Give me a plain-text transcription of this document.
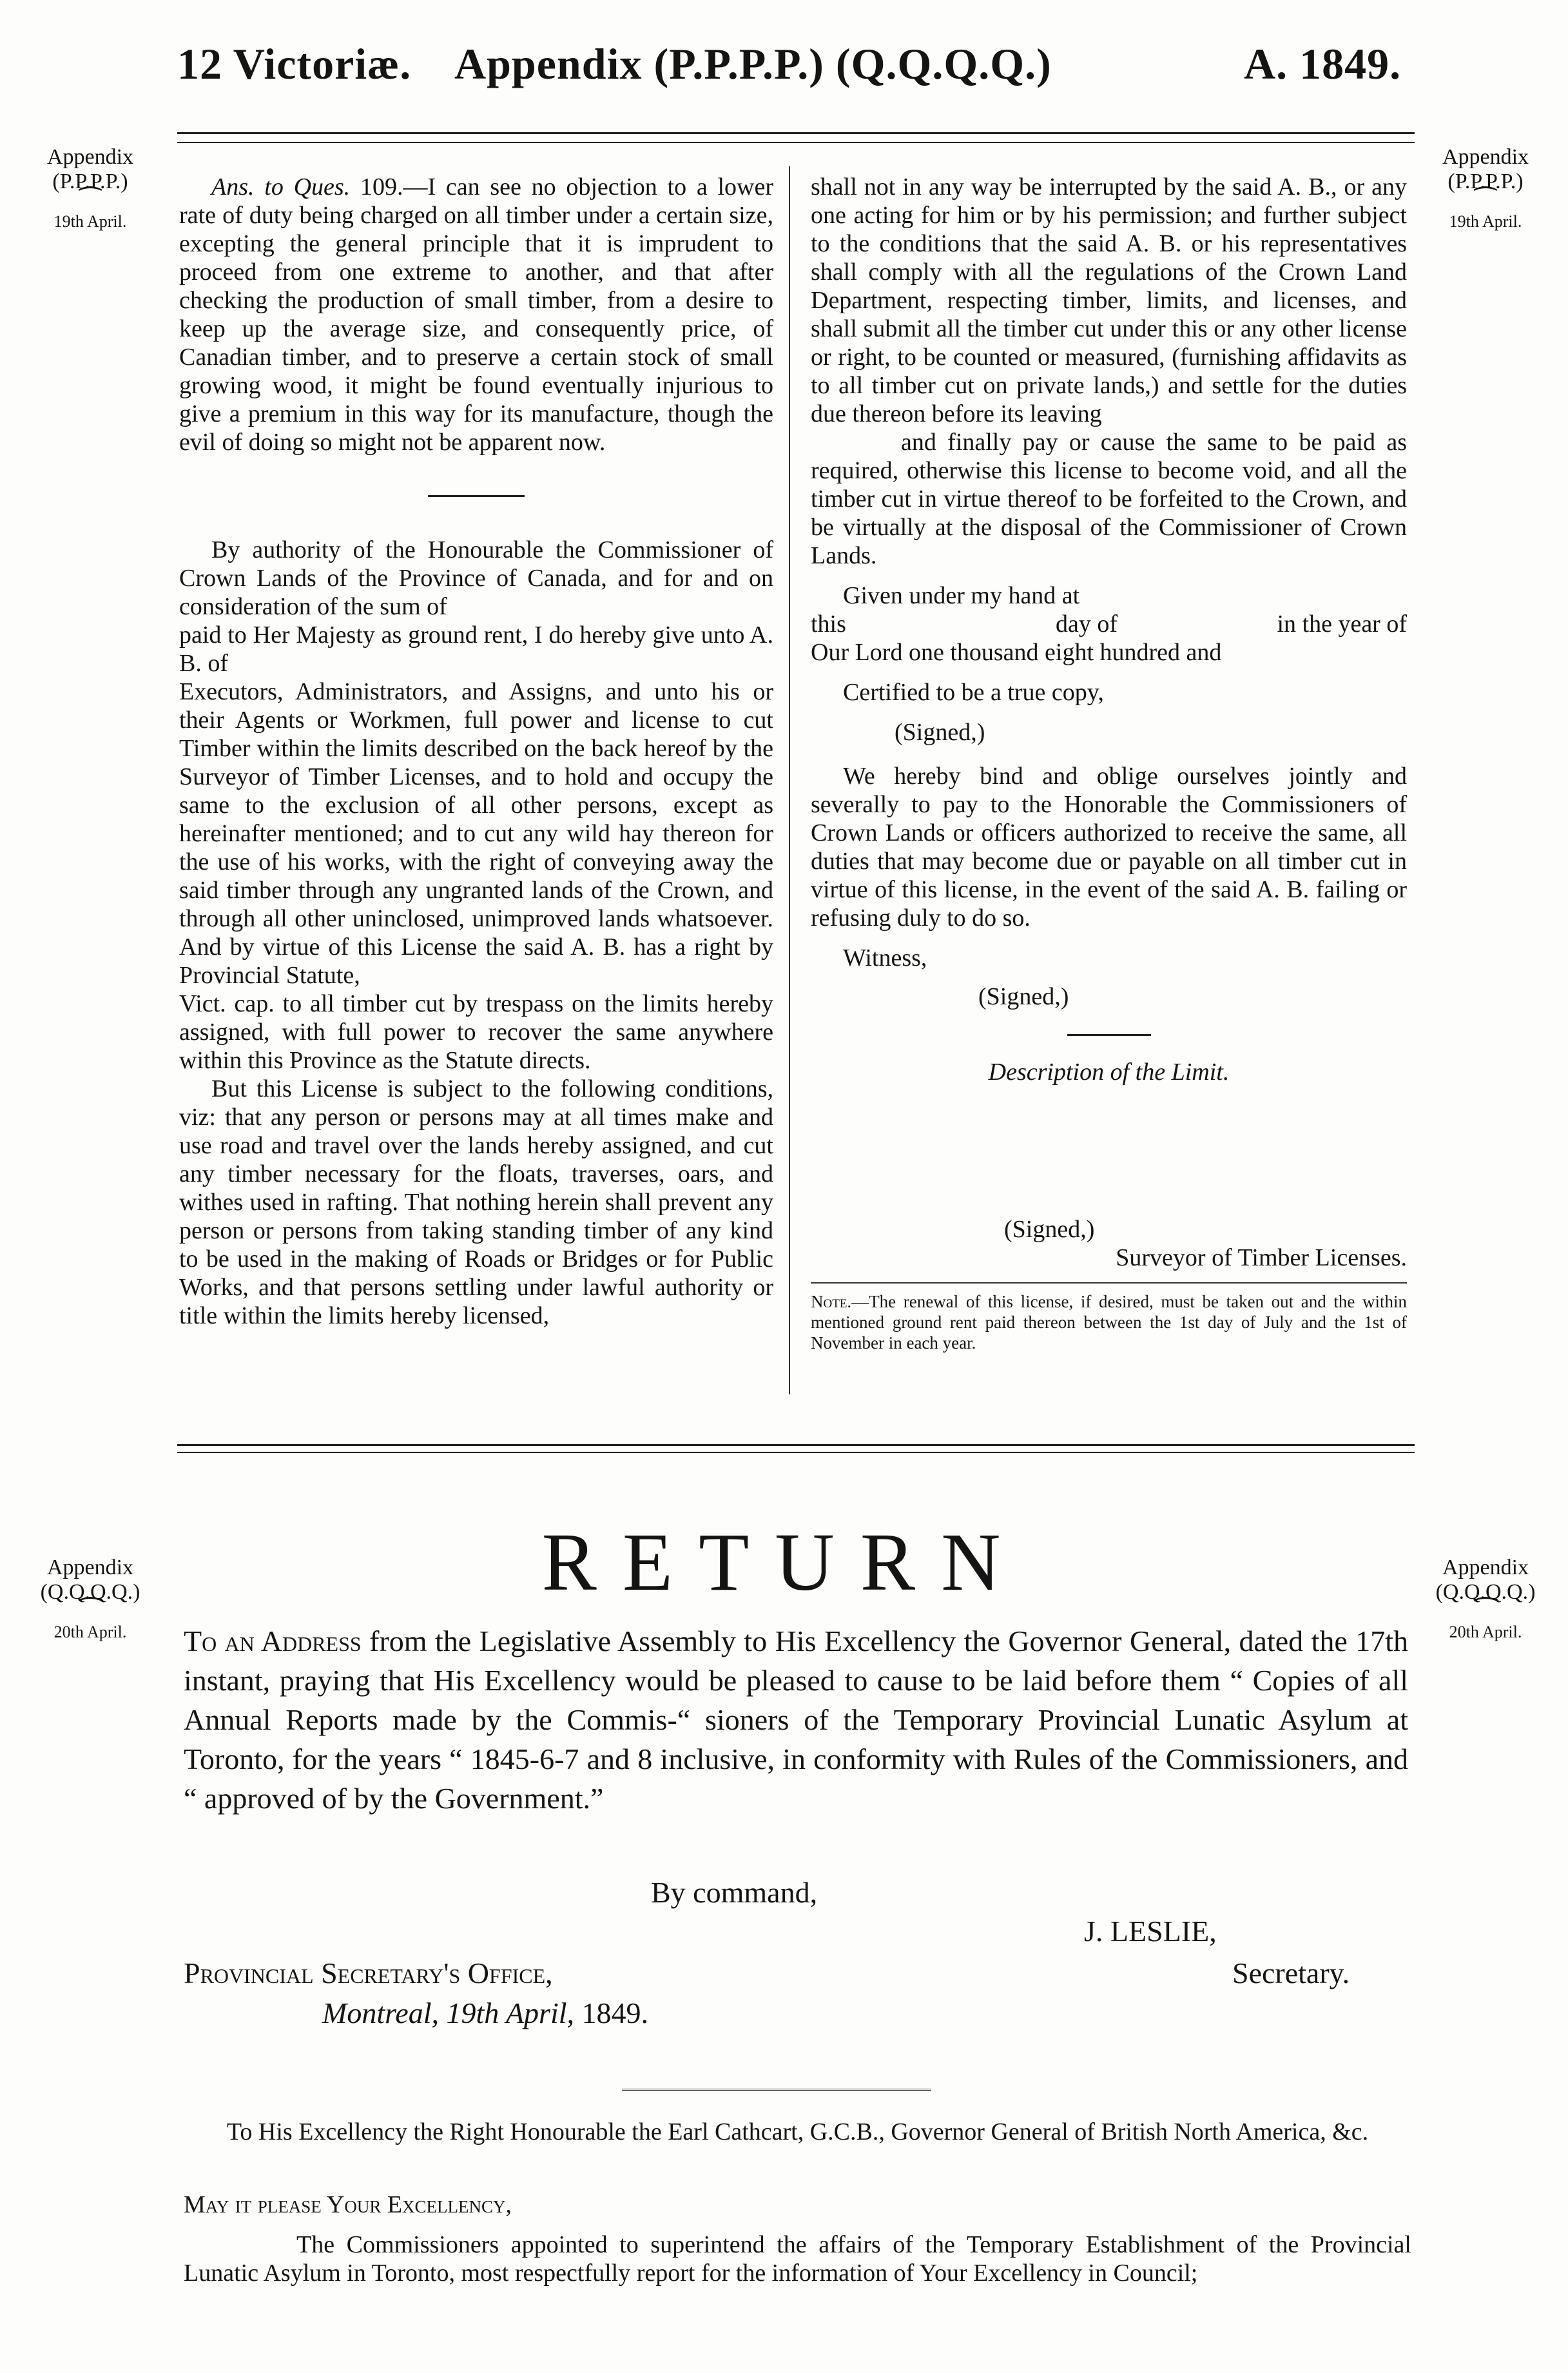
12 Victoriæ. Appendix (P.P.P.P.) (Q.Q.Q.Q.)	A. 1849.
Appendix
(P.P.P.P.)
⁀
19th April.
Appendix
(P.P.P.P.)
⁀
19th April.

Ans. to Ques. 109.—I can see no objection to a lower rate of duty being charged on all timber under a certain size, excepting the general principle that it is imprudent to proceed from one extreme to another, and that after checking the production of small timber, from a desire to keep up the average size, and consequently price, of Canadian timber, and to preserve a certain stock of small growing wood, it might be found eventually injurious to give a premium in this way for its manufacture, though the evil of doing so might not be apparent now.

By authority of the Honourable the Commissioner of Crown Lands of the Province of Canada, and for and on consideration of the sum of

paid to Her Majesty as ground rent, I do hereby give unto A. B. of

Executors, Administrators, and Assigns, and unto his or their Agents or Workmen, full power and license to cut Timber within the limits described on the back hereof by the Surveyor of Timber Licenses, and to hold and occupy the same to the exclusion of all other persons, except as hereinafter mentioned; and to cut any wild hay thereon for the use of his works, with the right of conveying away the said timber through any ungranted lands of the Crown, and through all other uninclosed, unimproved lands whatsoever. And by virtue of this License the said A. B. has a right by Provincial Statute,

Vict. cap. to all timber cut by trespass on the limits hereby assigned, with full power to recover the same anywhere within this Province as the Statute directs.

But this License is subject to the following conditions, viz: that any person or persons may at all times make and use road and travel over the lands hereby assigned, and cut any timber necessary for the floats, traverses, oars, and withes used in rafting. That nothing herein shall prevent any person or persons from taking standing timber of any kind to be used in the making of Roads or Bridges or for Public Works, and that persons settling under lawful authority or title within the limits hereby licensed,

shall not in any way be interrupted by the said A. B., or any one acting for him or by his permission; and further subject to the conditions that the said A. B. or his representatives shall comply with all the regulations of the Crown Land Department, respecting timber, limits, and licenses, and shall submit all the timber cut under this or any other license or right, to be counted or measured, (furnishing affidavits as to all timber cut on private lands,) and settle for the duties due thereon before its leaving

and finally pay or cause the same to be paid as required, otherwise this license to become void, and all the timber cut in virtue thereof to be forfeited to the Crown, and be virtually at the disposal of the Commissioner of Crown Lands.

Given under my hand at

this	day of	in the year of

Our Lord one thousand eight hundred and

Certified to be a true copy,

(Signed,)

We hereby bind and oblige ourselves jointly and severally to pay to the Honorable the Commissioners of Crown Lands or officers authorized to receive the same, all duties that may become due or payable on all timber cut in virtue of this license, in the event of the said A. B. failing or refusing duly to do so.

Witness,

(Signed,)

Description of the Limit.

(Signed,)

Surveyor of Timber Licenses.

Note.—The renewal of this license, if desired, must be taken out and the within mentioned ground rent paid thereon between the 1st day of July and the 1st of November in each year.
Appendix
(Q.Q.Q.Q.)
⁀
20th April.
Appendix
(Q.Q.Q.Q.)
⁀
20th April.
RETURN
To an Address from the Legislative Assembly to His Excellency the Governor General, dated the 17th instant, praying that His Excellency would be pleased to cause to be laid before them “ Copies of all Annual Reports made by the Commis-“ sioners of the Temporary Provincial Lunatic Asylum at Toronto, for the years “ 1845-6-7 and 8 inclusive, in conformity with Rules of the Commissioners, and “ approved of by the Government.”
By command,
J. LESLIE,
Provincial Secretary's Office,	Secretary.
Montreal, 19th April, 1849.
To His Excellency the Right Honourable the Earl Cathcart, G.C.B., Governor General of British North America, &c.
May it please Your Excellency,
The Commissioners appointed to superintend the affairs of the Temporary Establishment of the Provincial Lunatic Asylum in Toronto, most respectfully report for the information of Your Excellency in Council;
